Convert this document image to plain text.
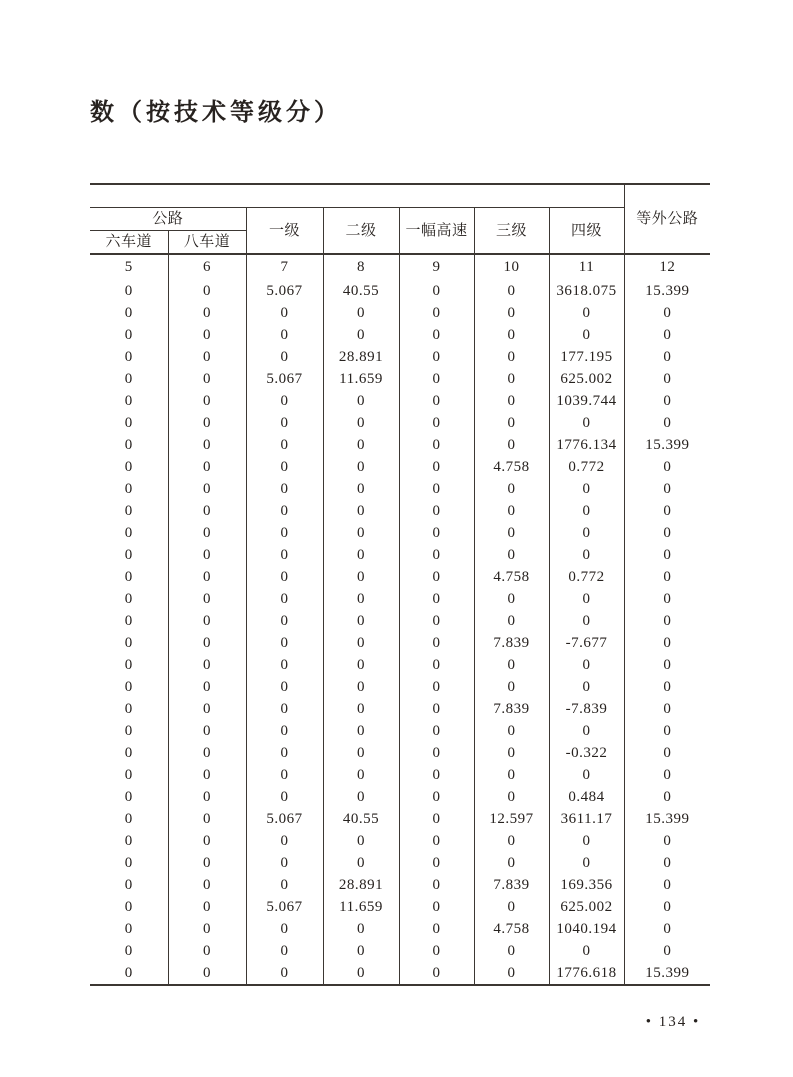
数（按技术等级分）
							等外公路
公路		一级	二级	一幅高速	三级	四级	
六车道	八车道						
5	6	7	8	9	10	11	12
0	0	5.067	40.55	0	0	3618.075	15.399
0	0	0	0	0	0	0	0
0	0	0	0	0	0	0	0
0	0	0	28.891	0	0	177.195	0
0	0	5.067	11.659	0	0	625.002	0
0	0	0	0	0	0	1039.744	0
0	0	0	0	0	0	0	0
0	0	0	0	0	0	1776.134	15.399
0	0	0	0	0	4.758	0.772	0
0	0	0	0	0	0	0	0
0	0	0	0	0	0	0	0
0	0	0	0	0	0	0	0
0	0	0	0	0	0	0	0
0	0	0	0	0	4.758	0.772	0
0	0	0	0	0	0	0	0
0	0	0	0	0	0	0	0
0	0	0	0	0	7.839	-7.677	0
0	0	0	0	0	0	0	0
0	0	0	0	0	0	0	0
0	0	0	0	0	7.839	-7.839	0
0	0	0	0	0	0	0	0
0	0	0	0	0	0	-0.322	0
0	0	0	0	0	0	0	0
0	0	0	0	0	0	0.484	0
0	0	5.067	40.55	0	12.597	3611.17	15.399
0	0	0	0	0	0	0	0
0	0	0	0	0	0	0	0
0	0	0	28.891	0	7.839	169.356	0
0	0	5.067	11.659	0	0	625.002	0
0	0	0	0	0	4.758	1040.194	0
0	0	0	0	0	0	0	0
0	0	0	0	0	0	1776.618	15.399
• 134 •
